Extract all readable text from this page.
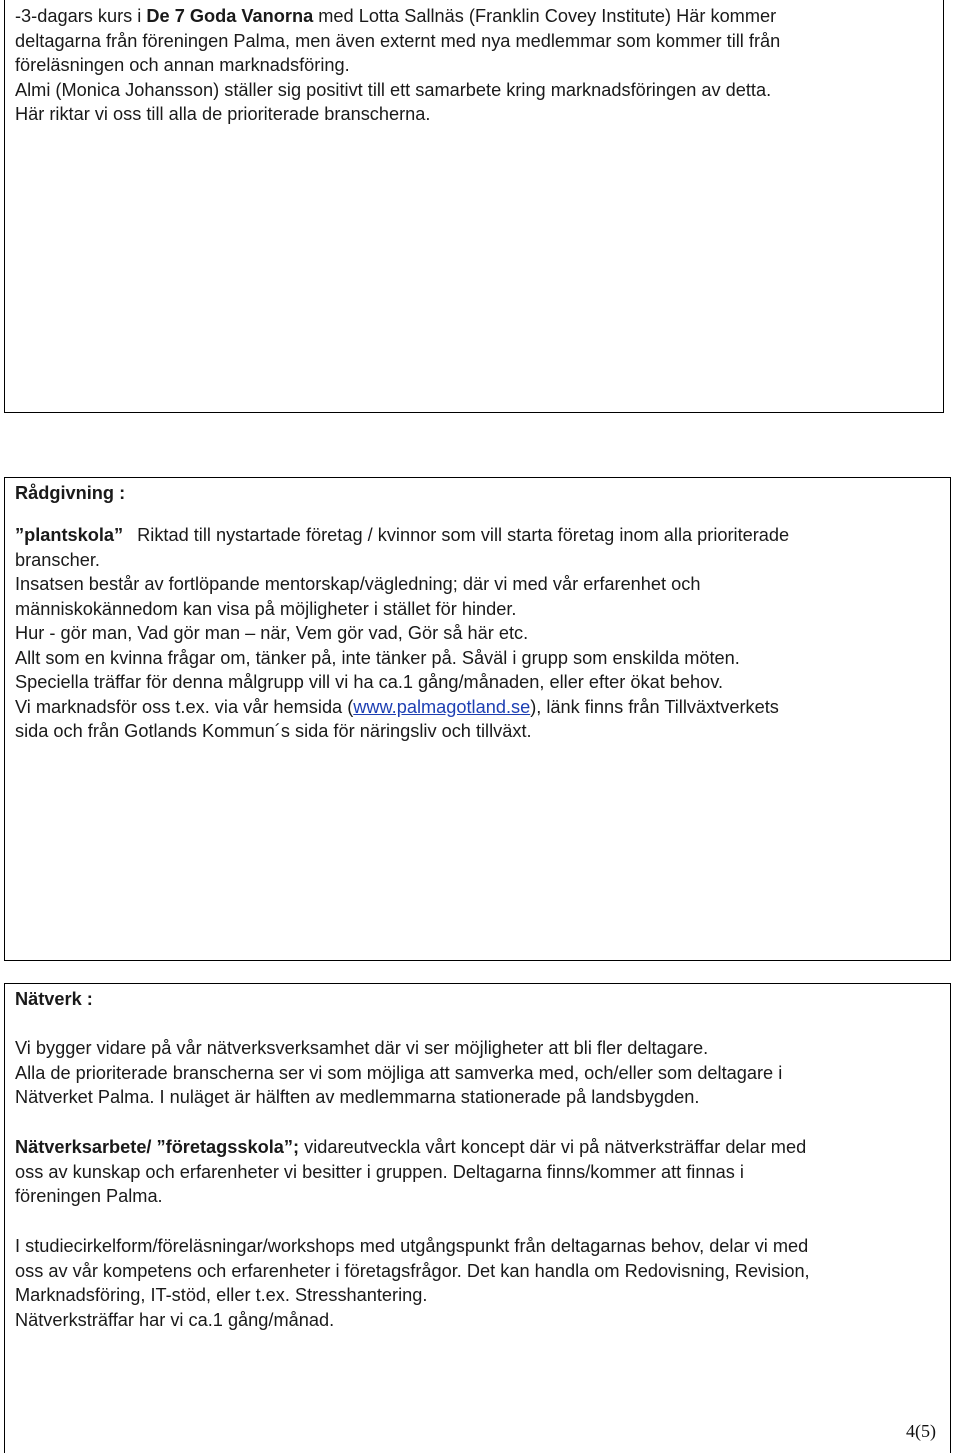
-3-dagars kurs i De 7 Goda Vanorna med Lotta Sallnäs (Franklin Covey Institute) Här kommer

deltagarna från föreningen Palma, men även externt med nya medlemmar som kommer till från

föreläsningen och annan marknadsföring.

Almi (Monica Johansson) ställer sig positivt till ett samarbete kring marknadsföringen av detta.

Här riktar vi oss till alla de prioriterade branscherna.

Rådgivning :

”plantskola” Riktad till nystartade företag / kvinnor som vill starta företag inom alla prioriterade

branscher.

Insatsen består av fortlöpande mentorskap/vägledning; där vi med vår erfarenhet och

människokännedom kan visa på möjligheter i stället för hinder.

Hur - gör man, Vad gör man – när, Vem gör vad, Gör så här etc.

Allt som en kvinna frågar om, tänker på, inte tänker på. Såväl i grupp som enskilda möten.

Speciella träffar för denna målgrupp vill vi ha ca.1 gång/månaden, eller efter ökat behov.

Vi marknadsför oss t.ex. via vår hemsida (www.palmagotland.se), länk finns från Tillväxtverkets

sida och från Gotlands Kommun´s sida för näringsliv och tillväxt.

Nätverk :

Vi bygger vidare på vår nätverksverksamhet där vi ser möjligheter att bli fler deltagare.

Alla de prioriterade branscherna ser vi som möjliga att samverka med, och/eller som deltagare i

Nätverket Palma. I nuläget är hälften av medlemmarna stationerade på landsbygden.

Nätverksarbete/ ”företagsskola”; vidareutveckla vårt koncept där vi på nätverksträffar delar med

oss av kunskap och erfarenheter vi besitter i gruppen. Deltagarna finns/kommer att finnas i

föreningen Palma.

I studiecirkelform/föreläsningar/workshops med utgångspunkt från deltagarnas behov, delar vi med

oss av vår kompetens och erfarenheter i företagsfrågor. Det kan handla om Redovisning, Revision,

Marknadsföring, IT-stöd, eller t.ex. Stresshantering.

Nätverksträffar har vi ca.1 gång/månad.

4(5)
